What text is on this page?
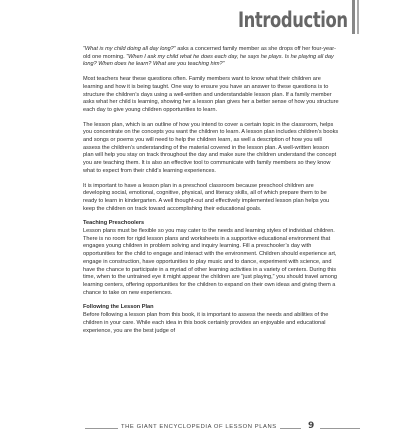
Introduction

“What is my child doing all day long?” asks a concerned family member as she drops off her four-year-old one morning. “When I ask my child what he does each day, he says he plays. Is he playing all day long? When does he learn? What are you teaching him?”

Most teachers hear these questions often. Family members want to know what their children are learning and how it is being taught. One way to ensure you have an answer to these questions is to structure the children’s days using a well-written and understandable lesson plan. If a family member asks what her child is learning, showing her a lesson plan gives her a better sense of how you structure each day to give young children opportunities to learn.

The lesson plan, which is an outline of how you intend to cover a certain topic in the classroom, helps you concentrate on the concepts you want the children to learn. A lesson plan includes children’s books and songs or poems you will need to help the children learn, as well a description of how you will assess the children’s understanding of the material covered in the lesson plan. A well-written lesson plan will help you stay on track throughout the day and make sure the children understand the concept you are teaching them. It is also an effective tool to communicate with family members so they know what to expect from their child’s learning experiences.

It is important to have a lesson plan in a preschool classroom because preschool children are developing social, emotional, cognitive, physical, and literacy skills, all of which prepare them to be ready to learn in kindergarten. A well thought-out and effectively implemented lesson plan helps you keep the children on track toward accomplishing their educational goals.

Teaching Preschoolers

Lesson plans must be flexible so you may cater to the needs and learning styles of individual children. There is no room for rigid lesson plans and worksheets in a supportive educational environment that engages young children in problem solving and inquiry learning. Fill a preschooler’s day with opportunities for the child to engage and interact with the environment. Children should experience art, engage in construction, have opportunities to play music and to dance, experiment with science, and have the chance to participate in a myriad of other learning activities in a variety of centers. During this time, when to the untrained eye it might appear the children are “just playing,” you should travel among learning centers, offering opportunities for the children to expand on their own ideas and giving them a chance to take on new experiences.

Following the Lesson Plan

Before following a lesson plan from this book, it is important to assess the needs and abilities of the children in your care. While each idea in this book certainly provides an enjoyable and educational experience, you are the best judge of

THE GIANT ENCYCLOPEDIA OF LESSON PLANS	9
